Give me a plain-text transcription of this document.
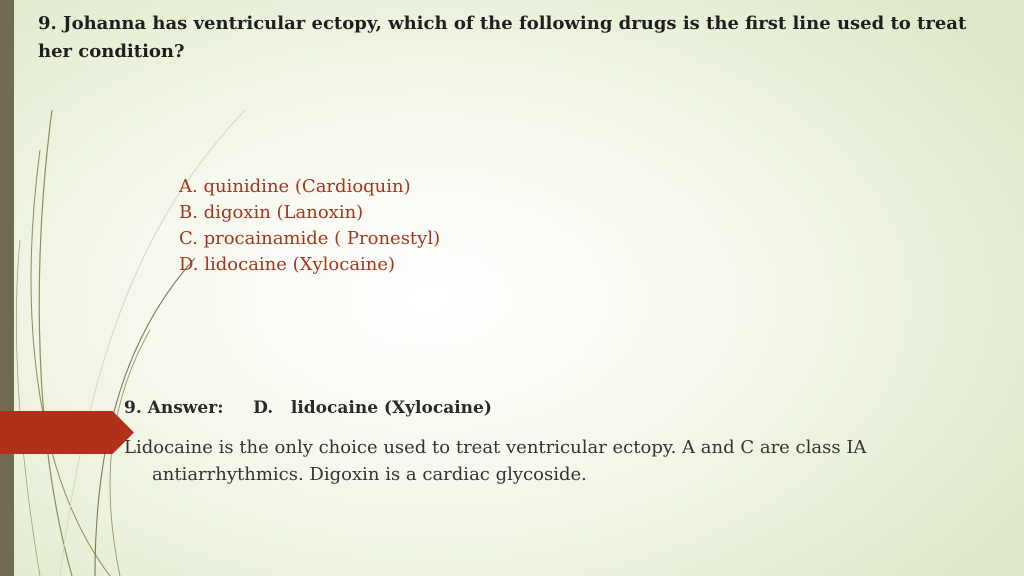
9. Johanna has ventricular ectopy, which of the following drugs is the first line used to treat her condition?

A. quinidine (Cardioquin)
B. digoxin (Lanoxin)
C. procainamide ( Pronestyl)
D. lidocaine (Xylocaine)

9. Answer: D.   lidocaine (Xylocaine)

Lidocaine is the only choice used to treat ventricular ectopy. A and C are class IA antiarrhythmics. Digoxin is a cardiac glycoside.
